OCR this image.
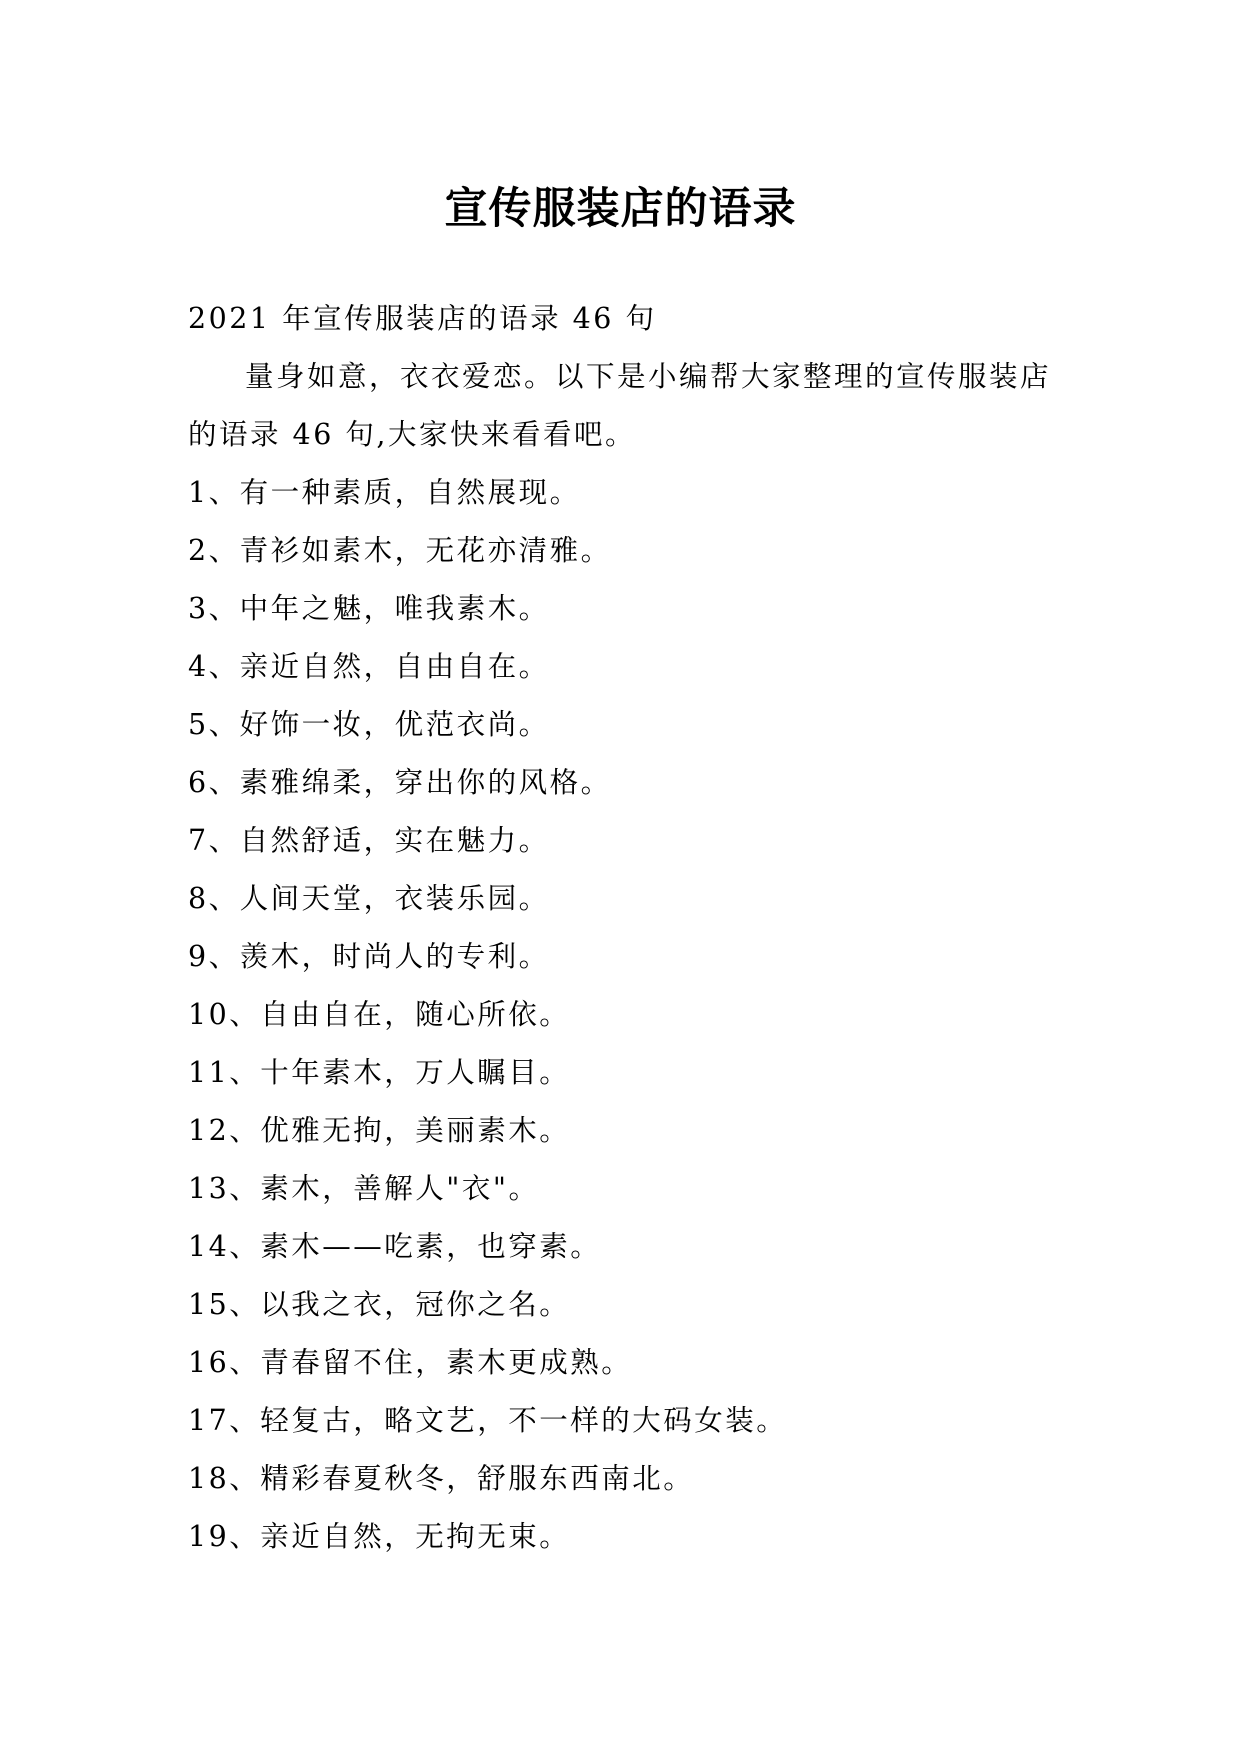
宣传服装店的语录

2021 年宣传服装店的语录 46 句

量身如意，衣衣爱恋。以下是小编帮大家整理的宣传服装店的语录 46 句,大家快来看看吧。

1、有一种素质，自然展现。
2、青衫如素木，无花亦清雅。
3、中年之魅，唯我素木。
4、亲近自然，自由自在。
5、好饰一妆，优范衣尚。
6、素雅绵柔，穿出你的风格。
7、自然舒适，实在魅力。
8、人间天堂，衣装乐园。
9、羡木，时尚人的专利。
10、自由自在，随心所依。
11、十年素木，万人瞩目。
12、优雅无拘，美丽素木。
13、素木，善解人"衣"。
14、素木——吃素，也穿素。
15、以我之衣，冠你之名。
16、青春留不住，素木更成熟。
17、轻复古，略文艺，不一样的大码女装。
18、精彩春夏秋冬，舒服东西南北。
19、亲近自然，无拘无束。
